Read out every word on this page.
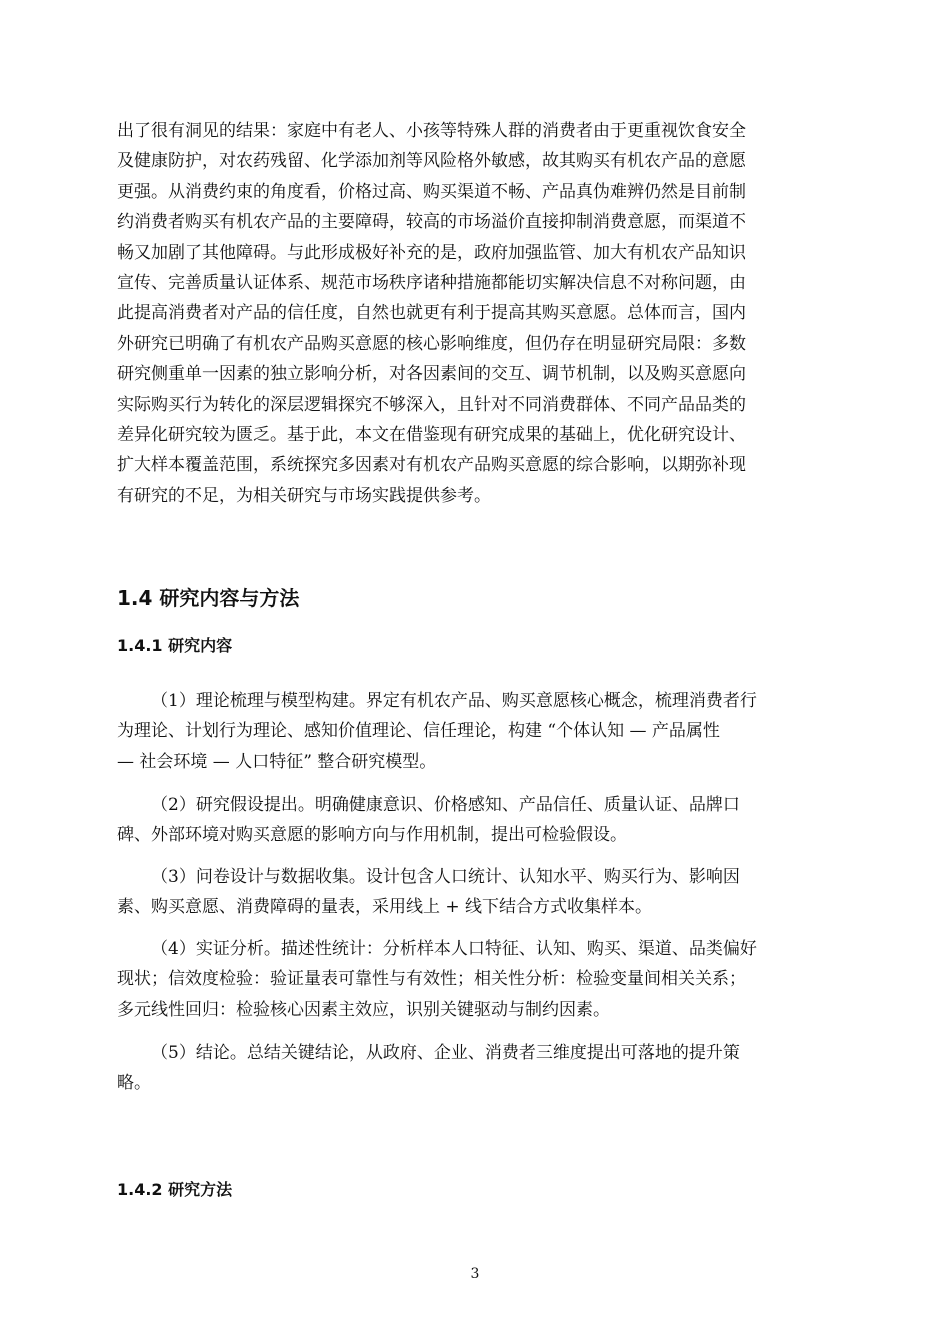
出了很有洞见的结果：家庭中有老人、小孩等特殊人群的消费者由于更重视饮食安全
及健康防护，对农药残留、化学添加剂等风险格外敏感，故其购买有机农产品的意愿
更强。从消费约束的角度看，价格过高、购买渠道不畅、产品真伪难辨仍然是目前制
约消费者购买有机农产品的主要障碍，较高的市场溢价直接抑制消费意愿，而渠道不
畅又加剧了其他障碍。与此形成极好补充的是，政府加强监管、加大有机农产品知识
宣传、完善质量认证体系、规范市场秩序诸种措施都能切实解决信息不对称问题，由
此提高消费者对产品的信任度，自然也就更有利于提高其购买意愿。总体而言，国内
外研究已明确了有机农产品购买意愿的核心影响维度，但仍存在明显研究局限：多数
研究侧重单一因素的独立影响分析，对各因素间的交互、调节机制，以及购买意愿向
实际购买行为转化的深层逻辑探究不够深入，且针对不同消费群体、不同产品品类的
差异化研究较为匮乏。基于此，本文在借鉴现有研究成果的基础上，优化研究设计、
扩大样本覆盖范围，系统探究多因素对有机农产品购买意愿的综合影响，以期弥补现
有研究的不足，为相关研究与市场实践提供参考。

1.4 研究内容与方法
1.4.1 研究内容

（1）理论梳理与模型构建。界定有机农产品、购买意愿核心概念，梳理消费者行
为理论、计划行为理论、感知价值理论、信任理论，构建 “个体认知 — 产品属性
— 社会环境 — 人口特征” 整合研究模型。

（2）研究假设提出。明确健康意识、价格感知、产品信任、质量认证、品牌口
碑、外部环境对购买意愿的影响方向与作用机制，提出可检验假设。

（3）问卷设计与数据收集。设计包含人口统计、认知水平、购买行为、影响因
素、购买意愿、消费障碍的量表，采用线上 + 线下结合方式收集样本。

（4）实证分析。描述性统计：分析样本人口特征、认知、购买、渠道、品类偏好
现状；信效度检验：验证量表可靠性与有效性；相关性分析：检验变量间相关关系；
多元线性回归：检验核心因素主效应，识别关键驱动与制约因素。

（5）结论。总结关键结论，从政府、企业、消费者三维度提出可落地的提升策
略。

1.4.2 研究方法
3
